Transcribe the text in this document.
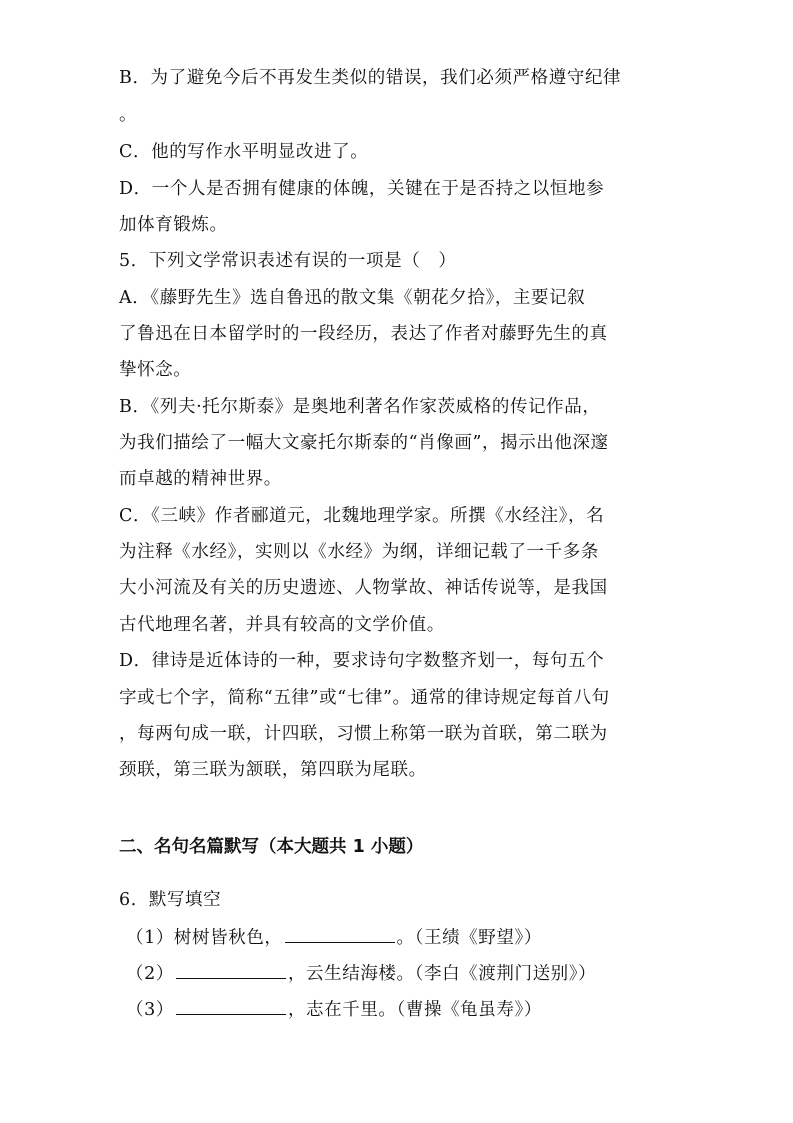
B．为了避免今后不再发生类似的错误，我们必须严格遵守纪律
。
C．他的写作水平明显改进了。
D．一个人是否拥有健康的体魄，关键在于是否持之以恒地参
加体育锻炼。
5．下列文学常识表述有误的一项是（　）
A．《藤野先生》选自鲁迅的散文集《朝花夕拾》，主要记叙
了鲁迅在日本留学时的一段经历，表达了作者对藤野先生的真
挚怀念。
B．《列夫·托尔斯泰》是奥地利著名作家茨威格的传记作品，
为我们描绘了一幅大文豪托尔斯泰的“肖像画”，揭示出他深邃
而卓越的精神世界。
C．《三峡》作者郦道元，北魏地理学家。所撰《水经注》，名
为注释《水经》，实则以《水经》为纲，详细记载了一千多条
大小河流及有关的历史遗迹、人物掌故、神话传说等，是我国
古代地理名著，并具有较高的文学价值。
D．律诗是近体诗的一种，要求诗句字数整齐划一，每句五个
字或七个字，简称“五律”或“七律”。通常的律诗规定每首八句
，每两句成一联，计四联，习惯上称第一联为首联，第二联为
颈联，第三联为颔联，第四联为尾联。
二、名句名篇默写（本大题共 1 小题）
6．默写填空
（1）树树皆秋色，	。（王绩《野望》）
（2）	，云生结海楼。（李白《渡荆门送别》）
（3）	，志在千里。（曹操《龟虽寿》）
